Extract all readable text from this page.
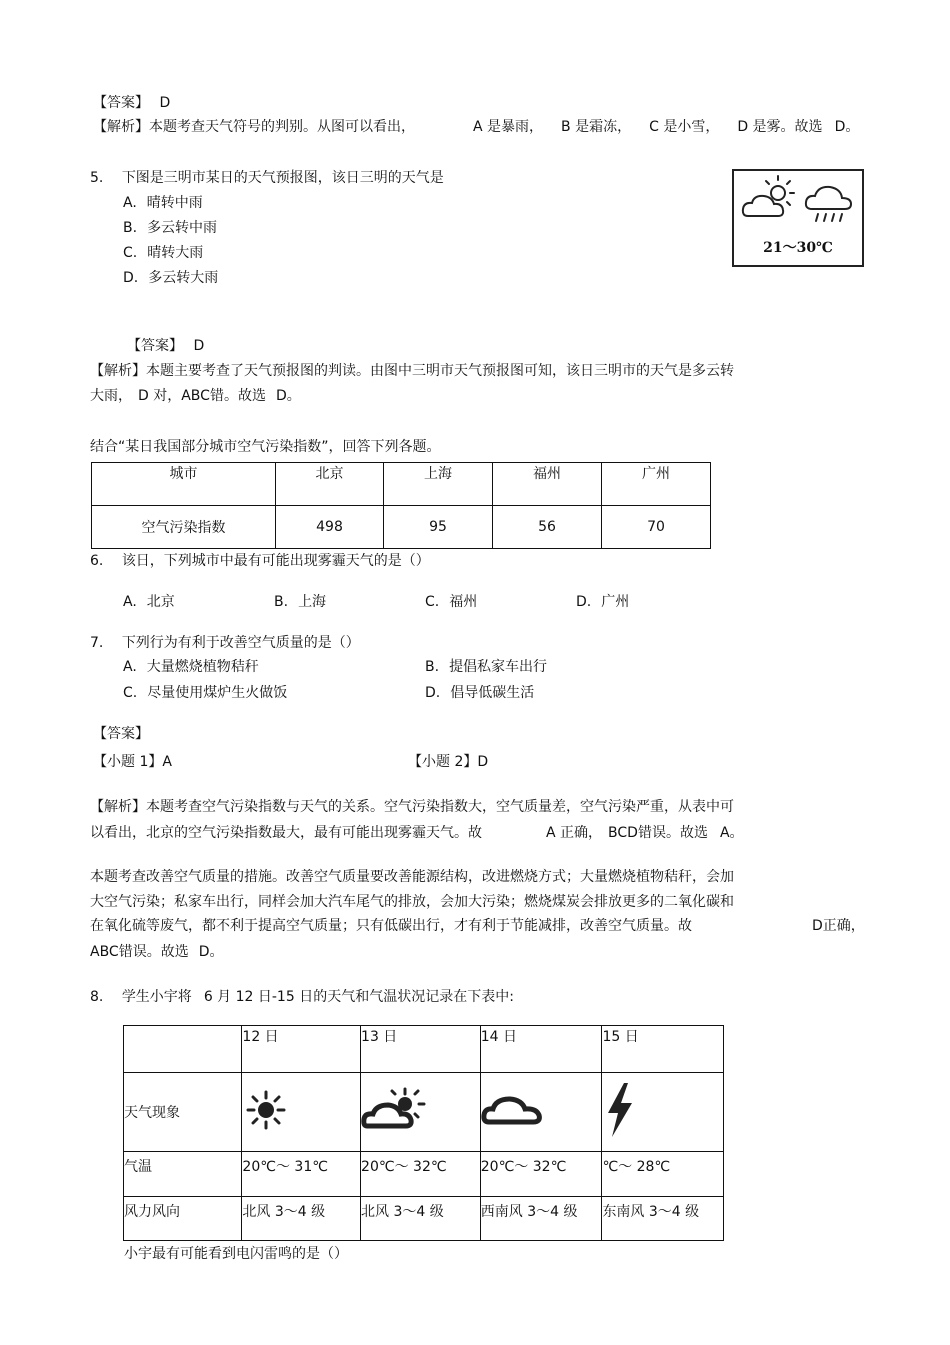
【答案】 D
【解析】本题考查天气符号的判别。从图可以看出，	A 是暴雨， B 是霜冻， C 是小雪， D 是雾。故选 D。
5. 下图是三明市某日的天气预报图，该日三明的天气是
A. 晴转中雨
B. 多云转中雨
C. 晴转大雨
D. 多云转大雨
21～30℃
【答案】 D
【解析】本题主要考查了天气预报图的判读。由图中三明市天气预报图可知，该日三明市的天气是多云转
大雨， D 对，ABC错。故选 D。
结合“某日我国部分城市空气污染指数”，回答下列各题。
城市	北京	上海	福州	广州
空气污染指数	498	95	56	70
6. 该日，下列城市中最有可能出现雾霾天气的是（）
A. 北京	B. 上海	C. 福州	D. 广州
7. 下列行为有利于改善空气质量的是（）
A. 大量燃烧植物秸秆	B. 提倡私家车出行
C. 尽量使用煤炉生火做饭	D. 倡导低碳生活
【答案】
【小题 1】A	【小题 2】D
【解析】本题考查空气污染指数与天气的关系。空气污染指数大，空气质量差，空气污染严重，从表中可
以看出，北京的空气污染指数最大，最有可能出现雾霾天气。故	A 正确， BCD错误。故选 A。
本题考查改善空气质量的措施。改善空气质量要改善能源结构，改进燃烧方式；大量燃烧植物秸秆，会加
大空气污染；私家车出行，同样会加大汽车尾气的排放，会加大污染；燃烧煤炭会排放更多的二氧化碳和
在氧化硫等废气，都不利于提高空气质量；只有低碳出行，才有利于节能减排，改善空气质量。故	D正确，
ABC错误。故选 D。
8. 学生小宇将 6 月 12 日-15 日的天气和气温状况记录在下表中:
	12 日	13 日	14 日	15 日
天气现象				
气温	20℃～ 31℃	20℃～ 32℃	20℃～ 32℃	℃～ 28℃
风力风向	北风 3～4 级	北风 3～4 级	西南风 3～4 级	东南风 3～4 级
小宇最有可能看到电闪雷鸣的是（）
